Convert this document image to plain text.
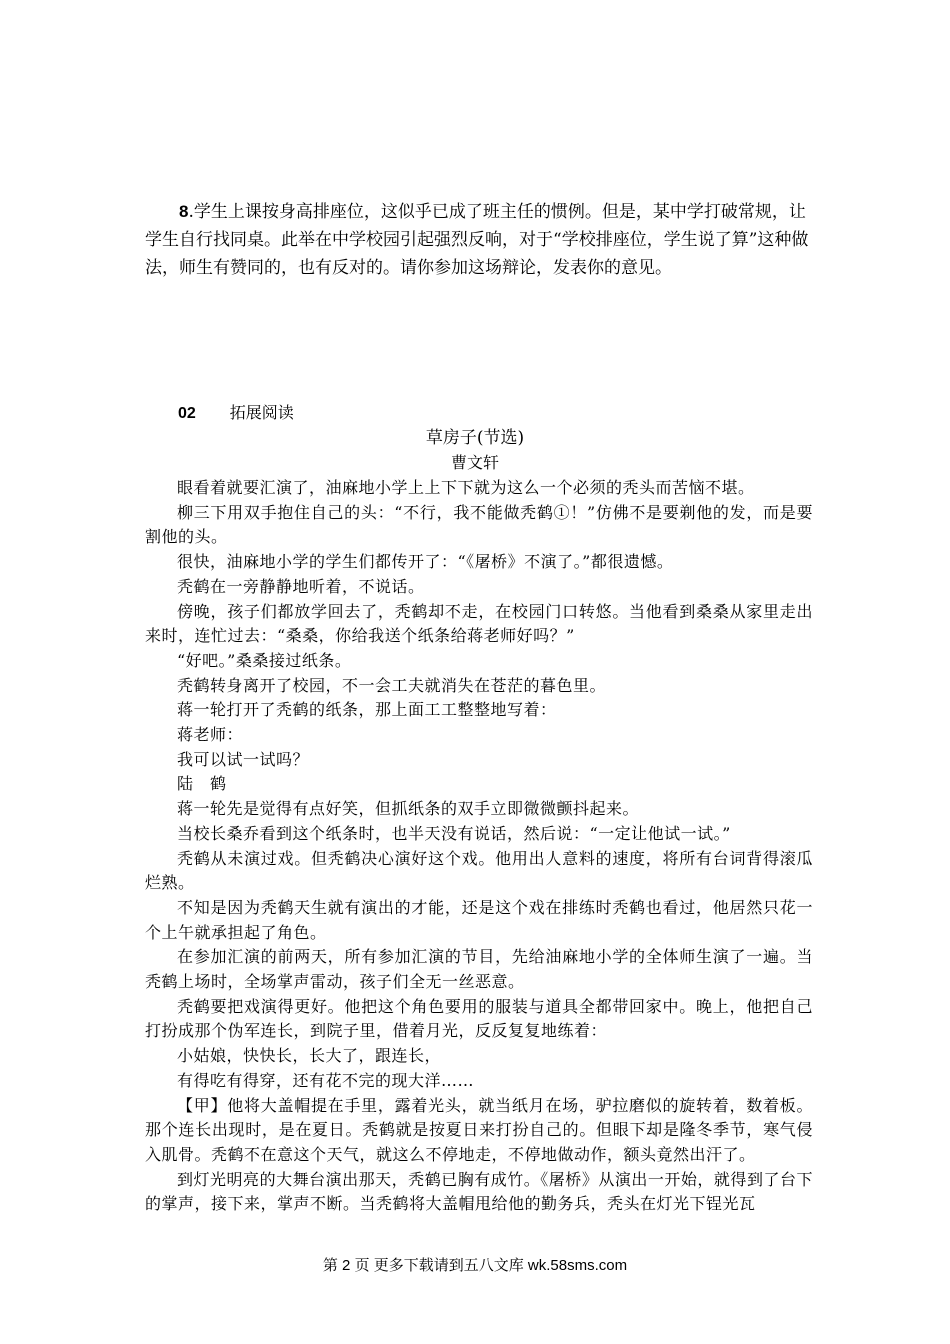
8.学生上课按身高排座位，这似乎已成了班主任的惯例。但是，某中学打破常规，让学生自行找同桌。此举在中学校园引起强烈反响，对于“学校排座位，学生说了算”这种做法，师生有赞同的，也有反对的。请你参加这场辩论，发表你的意见。

02 拓展阅读
草房子(节选)
曹文轩

眼看着就要汇演了，油麻地小学上上下下就为这么一个必须的秃头而苦恼不堪。

柳三下用双手抱住自己的头：“不行，我不能做秃鹤①！”仿佛不是要剃他的发，而是要割他的头。

很快，油麻地小学的学生们都传开了：“《屠桥》不演了。”都很遗憾。

秃鹤在一旁静静地听着，不说话。

傍晚，孩子们都放学回去了，秃鹤却不走，在校园门口转悠。当他看到桑桑从家里走出来时，连忙过去：“桑桑，你给我送个纸条给蒋老师好吗？”

“好吧。”桑桑接过纸条。

秃鹤转身离开了校园，不一会工夫就消失在苍茫的暮色里。

蒋一轮打开了秃鹤的纸条，那上面工工整整地写着：

蒋老师：

我可以试一试吗？

陆　鹤

蒋一轮先是觉得有点好笑，但抓纸条的双手立即微微颤抖起来。

当校长桑乔看到这个纸条时，也半天没有说话，然后说：“一定让他试一试。”

秃鹤从未演过戏。但秃鹤决心演好这个戏。他用出人意料的速度，将所有台词背得滚瓜烂熟。

不知是因为秃鹤天生就有演出的才能，还是这个戏在排练时秃鹤也看过，他居然只花一个上午就承担起了角色。

在参加汇演的前两天，所有参加汇演的节目，先给油麻地小学的全体师生演了一遍。当秃鹤上场时，全场掌声雷动，孩子们全无一丝恶意。

秃鹤要把戏演得更好。他把这个角色要用的服装与道具全都带回家中。晚上，他把自己打扮成那个伪军连长，到院子里，借着月光，反反复复地练着：

小姑娘，快快长，长大了，跟连长，

有得吃有得穿，还有花不完的现大洋……

【甲】他将大盖帽提在手里，露着光头，就当纸月在场，驴拉磨似的旋转着，数着板。那个连长出现时，是在夏日。秃鹤就是按夏日来打扮自己的。但眼下却是隆冬季节，寒气侵入肌骨。秃鹤不在意这个天气，就这么不停地走，不停地做动作，额头竟然出汗了。

到灯光明亮的大舞台演出那天，秃鹤已胸有成竹。《屠桥》从演出一开始，就得到了台下的掌声，接下来，掌声不断。当秃鹤将大盖帽甩给他的勤务兵，秃头在灯光下锃光瓦

第 2 页 更多下载请到五八文库 wk.58sms.com
